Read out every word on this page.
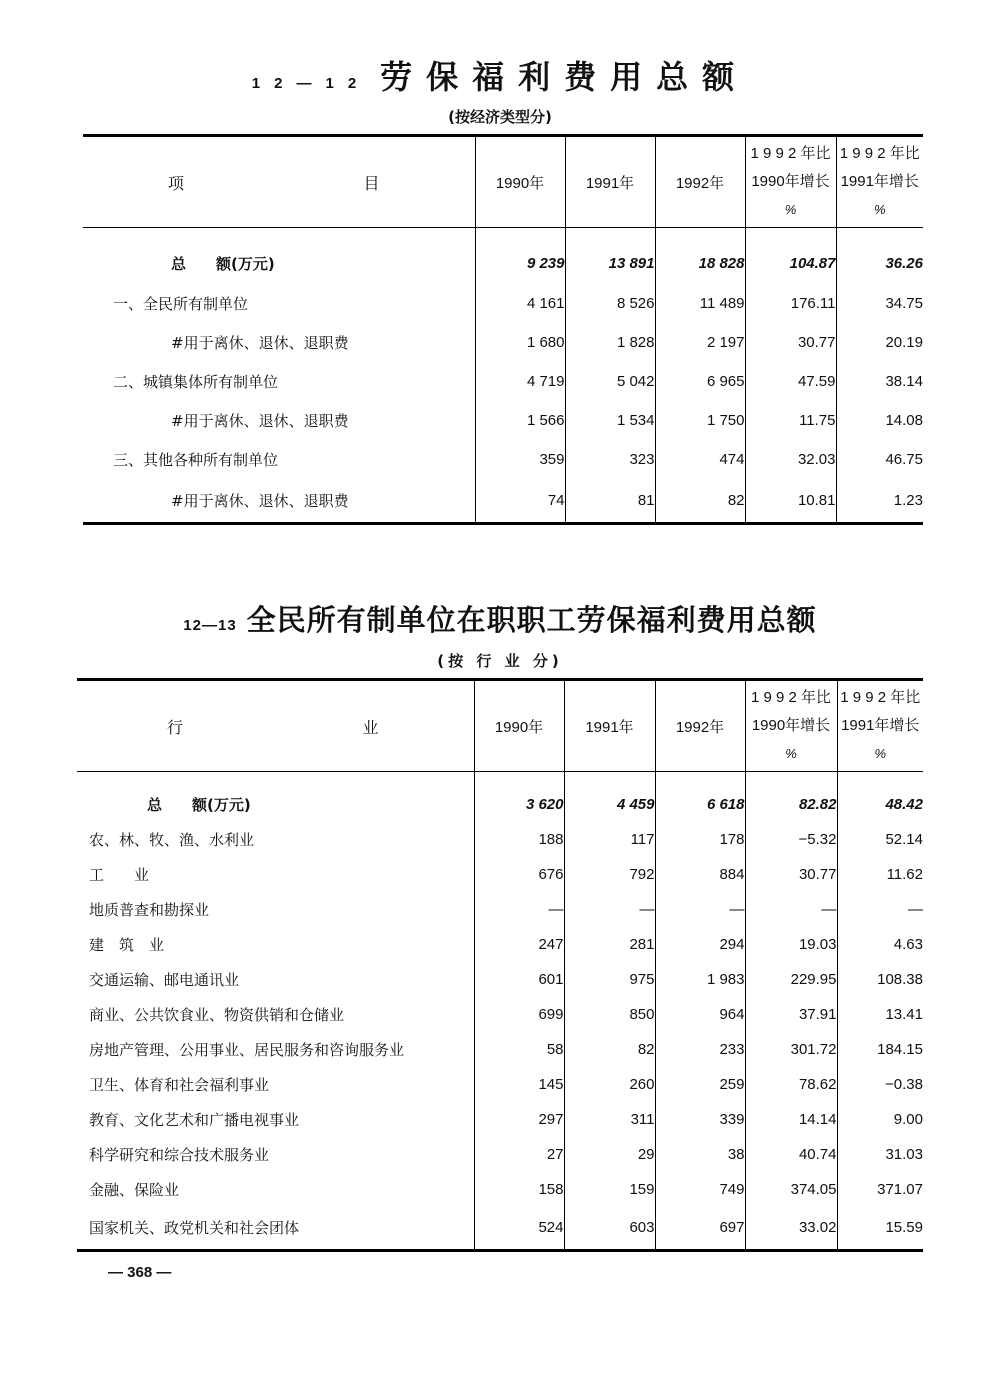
12—12 劳保福利费用总额
(按经济类型分)
项 目	1990年	1991年	1992年	1 9 9 2 年比
1990年增长
%	1 9 9 2 年比
1991年增长
%

总　　额(万元)	9 239	13 891	18 828	104.87	36.26
一、全民所有制单位	4 161	8 526	11 489	176.11	34.75
#用于离休、退休、退职费	1 680	1 828	2 197	30.77	20.19
二、城镇集体所有制单位	4 719	5 042	6 965	47.59	38.14
#用于离休、退休、退职费	1 566	1 534	1 750	11.75	14.08
三、其他各种所有制单位	359	323	474	32.03	46.75
#用于离休、退休、退职费	74	81	82	10.81	1.23
12—13 全民所有制单位在职职工劳保福利费用总额
(按 行 业 分)
行 业	1990年	1991年	1992年	1 9 9 2 年比
1990年增长
%	1 9 9 2 年比
1991年增长
%

总　　额(万元)	3 620	4 459	6 618	82.82	48.42
农、林、牧、渔、水利业	188	117	178	−5.32	52.14
工　　业	676	792	884	30.77	11.62
地质普查和勘探业	—	—	—	—	—
建　筑　业	247	281	294	19.03	4.63
交通运输、邮电通讯业	601	975	1 983	229.95	108.38
商业、公共饮食业、物资供销和仓储业	699	850	964	37.91	13.41
房地产管理、公用事业、居民服务和咨询服务业	58	82	233	301.72	184.15
卫生、体育和社会福利事业	145	260	259	78.62	−0.38
教育、文化艺术和广播电视事业	297	311	339	14.14	9.00
科学研究和综合技术服务业	27	29	38	40.74	31.03
金融、保险业	158	159	749	374.05	371.07
国家机关、政党机关和社会团体	524	603	697	33.02	15.59
— 368 —
